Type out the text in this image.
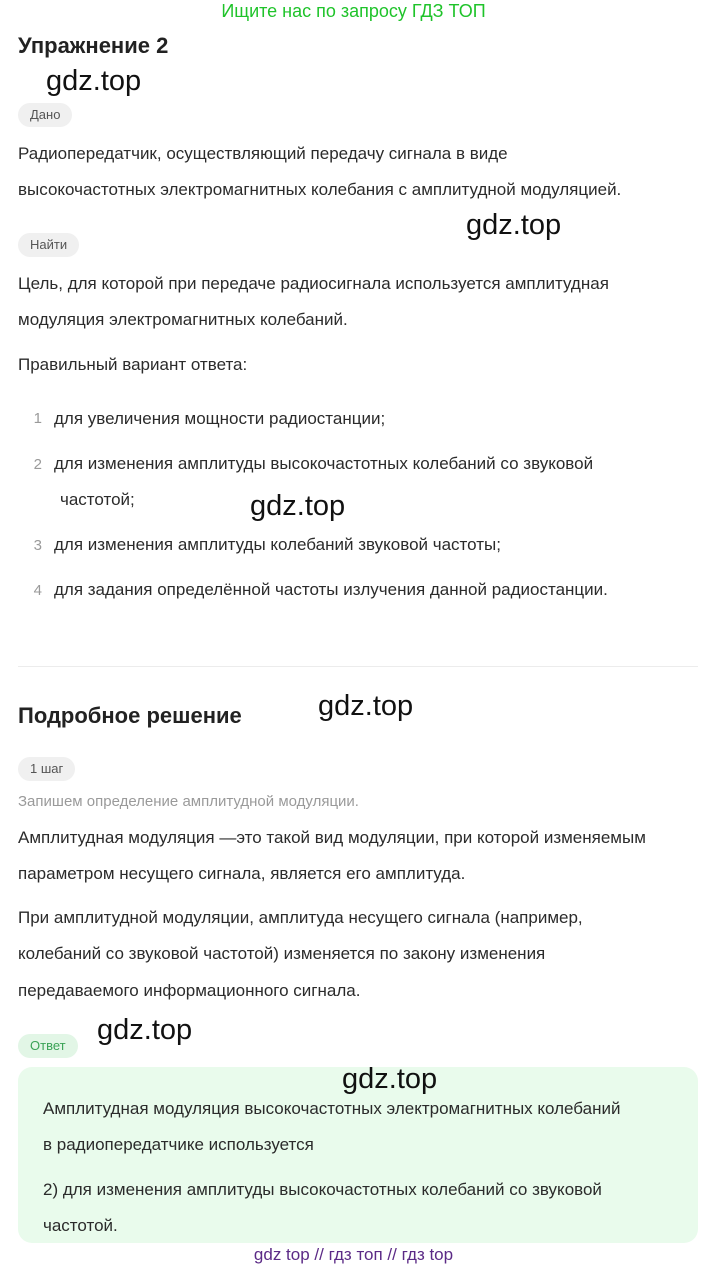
Ищите нас по запросу ГДЗ ТОП
Упражнение 2
gdz.top
Дано
Радиопередатчик, осуществляющий передачу сигнала в виде
высокочастотных электромагнитных колебания с амплитудной модуляцией.
Найти
gdz.top
Цель, для которой при передаче радиосигнала используется амплитудная
модуляция электромагнитных колебаний.
Правильный вариант ответа:
1 для увеличения мощности радиостанции;
2 для изменения амплитуды высокочастотных колебаний со звуковой
частотой;	gdz.top
3 для изменения амплитуды колебаний звуковой частоты;
4 для задания определённой частоты излучения данной радиостанции.
Подробное решение	gdz.top
1 шаг
Запишем определение амплитудной модуляции.
Амплитудная модуляция —это такой вид модуляции, при которой изменяемым
параметром несущего сигнала, является его амплитуда.
При амплитудной модуляции, амплитуда несущего сигнала (например,
колебаний со звуковой частотой) изменяется по закону изменения
передаваемого информационного сигнала.
Ответ	gdz.top
gdz.top
Амплитудная модуляция высокочастотных электромагнитных колебаний
в радиопередатчике используется
2) для изменения амплитуды высокочастотных колебаний со звуковой
частотой.
gdz top // гдз топ // гдз top
